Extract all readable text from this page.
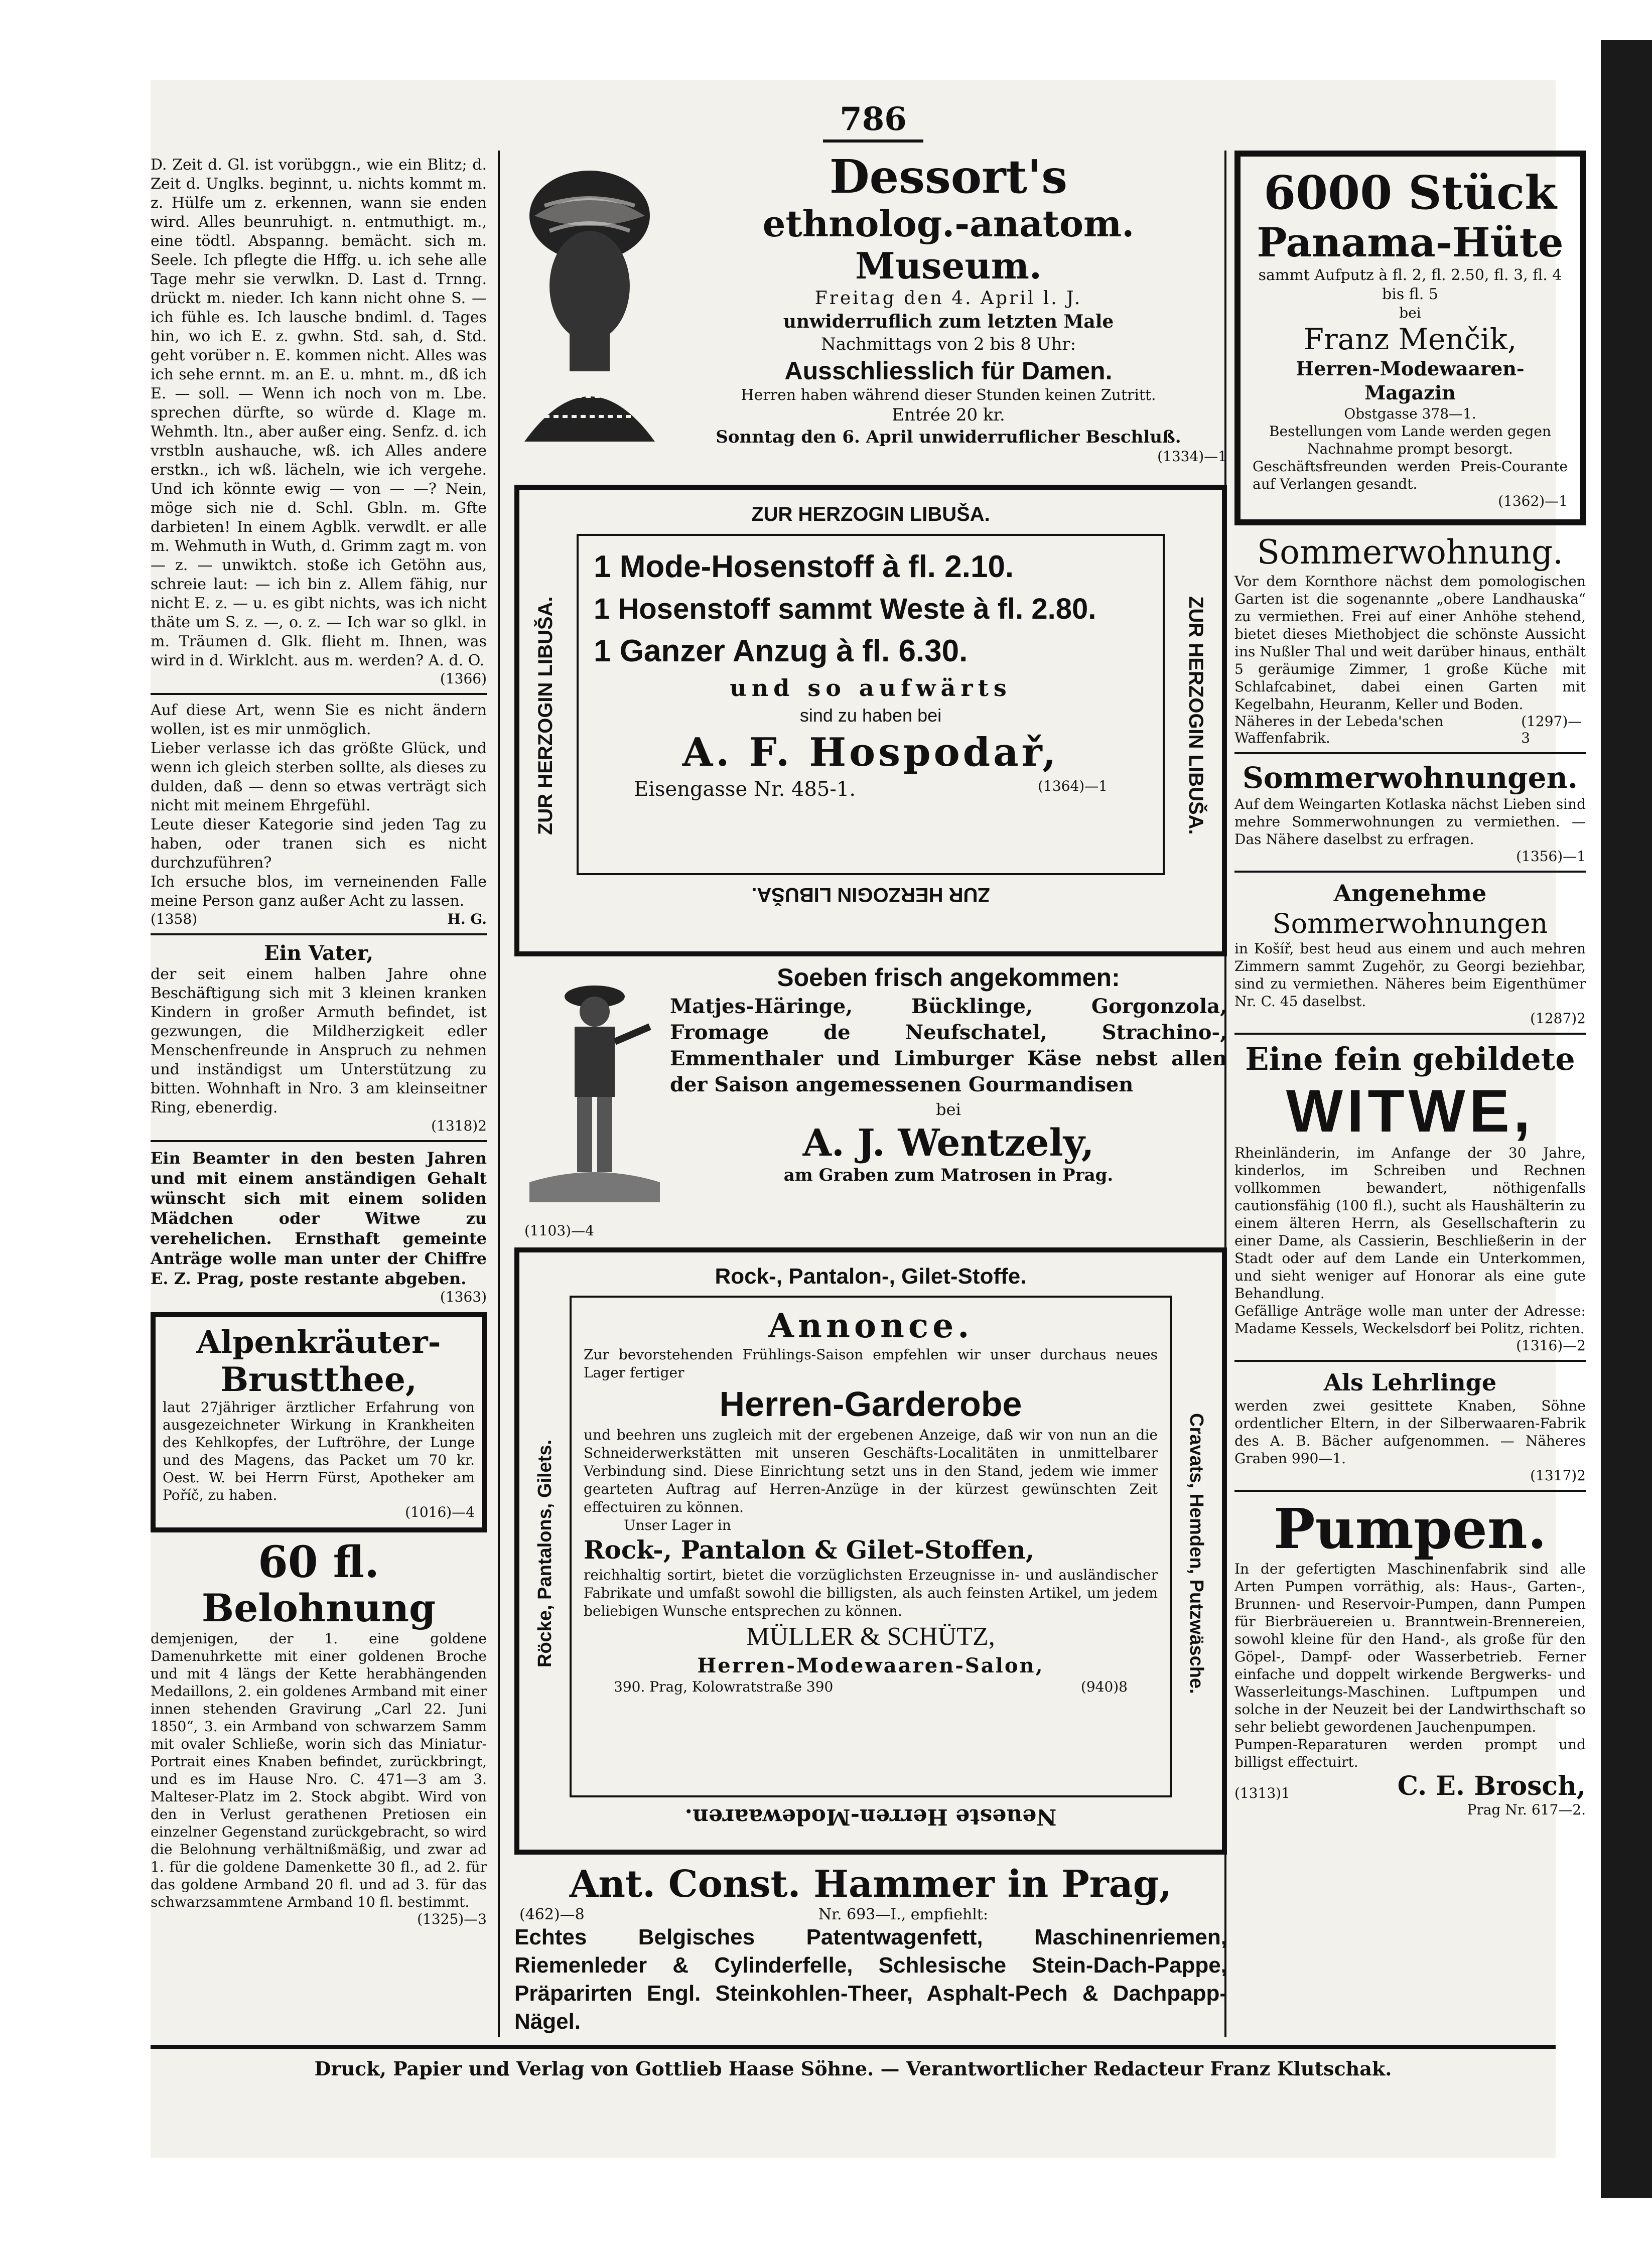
786

D. Zeit d. Gl. ist vorübggn., wie ein Blitz; d. Zeit d. Unglks. beginnt, u. nichts kommt m. z. Hülfe um z. erkennen, wann sie enden wird. Alles beunruhigt. n. entmuthigt. m., eine tödtl. Abspanng. bemächt. sich m. Seele. Ich pflegte die Hffg. u. ich sehe alle Tage mehr sie verwlkn. D. Last d. Trnng. drückt m. nieder. Ich kann nicht ohne S. — ich fühle es. Ich lausche bndiml. d. Tages hin, wo ich E. z. gwhn. Std. sah, d. Std. geht vorüber n. E. kommen nicht. Alles was ich sehe ernnt. m. an E. u. mhnt. m., dß ich E. — soll. — Wenn ich noch von m. Lbe. sprechen dürfte, so würde d. Klage m. Wehmth. ltn., aber außer eing. Senfz. d. ich vrstbln aushauche, wß. ich Alles andere erstkn., ich wß. lächeln, wie ich vergehe. Und ich könnte ewig — von — —? Nein, möge sich nie d. Schl. Gbln. m. Gfte darbieten! In einem Agblk. verwdlt. er alle m. Wehmuth in Wuth, d. Grimm zagt m. von — z. — unwiktch. stoße ich Getöhn aus, schreie laut: — ich bin z. Allem fähig, nur nicht E. z. — u. es gibt nichts, was ich nicht thäte um S. z. —, o. z. — Ich war so glkl. in m. Träumen d. Glk. flieht m. Ihnen, was wird in d. Wirklcht. aus m. werden? A. d. O.

(1366)

Auf diese Art, wenn Sie es nicht ändern wollen, ist es mir unmöglich.

Lieber verlasse ich das größte Glück, und wenn ich gleich sterben sollte, als dieses zu dulden, daß — denn so etwas verträgt sich nicht mit meinem Ehrgefühl.

Leute dieser Kategorie sind jeden Tag zu haben, oder tranen sich es nicht durchzuführen?

Ich ersuche blos, im verneinenden Falle meine Person ganz außer Acht zu lassen.

(1358)	H. G.

Ein Vater,

der seit einem halben Jahre ohne Beschäftigung sich mit 3 kleinen kranken Kindern in großer Armuth befindet, ist gezwungen, die Mildherzigkeit edler Menschenfreunde in Anspruch zu nehmen und inständigst um Unterstützung zu bitten. Wohnhaft in Nro. 3 am kleinseitner Ring, ebenerdig.

(1318)2

Ein Beamter in den besten Jahren und mit einem anständigen Gehalt wünscht sich mit einem soliden Mädchen oder Witwe zu verehelichen. Ernsthaft gemeinte Anträge wolle man unter der Chiffre E. Z. Prag, poste restante abgeben.

(1363)

Alpenkräuter-

Brustthee,

laut 27jähriger ärztlicher Erfahrung von ausgezeichneter Wirkung in Krankheiten des Kehlkopfes, der Luftröhre, der Lunge und des Magens, das Packet um 70 kr. Oest. W. bei Herrn Fürst, Apotheker am Poříč, zu haben.

(1016)—4

60 fl.

Belohnung

demjenigen, der 1. eine goldene Damenuhrkette mit einer goldenen Broche und mit 4 längs der Kette herabhängenden Medaillons, 2. ein goldenes Armband mit einer innen stehenden Gravirung „Carl 22. Juni 1850“, 3. ein Armband von schwarzem Samm mit ovaler Schließe, worin sich das Miniatur-Portrait eines Knaben befindet, zurückbringt, und es im Hause Nro. C. 471—3 am 3. Malteser-Platz im 2. Stock abgibt. Wird von den in Verlust gerathenen Pretiosen ein einzelner Gegenstand zurückgebracht, so wird die Belohnung verhältnißmäßig, und zwar ad 1. für die goldene Damenkette 30 fl., ad 2. für das goldene Armband 20 fl. und ad 3. für das schwarzsammtene Armband 10 fl. bestimmt.

(1325)—3

Dessort's

ethnolog.-anatom. Museum.

Freitag den 4. April l. J.

unwiderruflich zum letzten Male

Nachmittags von 2 bis 8 Uhr:

Ausschliesslich für Damen.

Herren haben während dieser Stunden keinen Zutritt.

Entrée 20 kr.

Sonntag den 6. April unwiderruflicher Beschluß.

(1334)—1

ZUR HERZOGIN LIBUŠA.

ZUR HERZOGIN LIBUŠA.	ZUR HERZOGIN LIBUŠA.

1 Mode-Hosenstoff à fl. 2.10.

1 Hosenstoff sammt Weste à fl. 2.80.

1 Ganzer Anzug à fl. 6.30.

und so aufwärts

sind zu haben bei

A. F. Hospodař,

Eisengasse Nr. 485-1.	(1364)—1

ZUR HERZOGIN LIBUŠA.

Soeben frisch angekommen:

Matjes-Häringe, Bücklinge, Gorgonzola, Fromage de Neufschatel, Strachino-, Emmenthaler und Limburger Käse nebst allen der Saison angemessenen Gourmandisen

bei

A. J. Wentzely,

am Graben zum Matrosen in Prag.

(1103)—4

Rock-, Pantalon-, Gilet-Stoffe.

Röcke, Pantalons, Gilets.	Cravats, Hemden, Putzwäsche.

Annonce.

Zur bevorstehenden Frühlings-Saison empfehlen wir unser durchaus neues Lager fertiger

Herren-Garderobe

und beehren uns zugleich mit der ergebenen Anzeige, daß wir von nun an die Schneiderwerkstätten mit unseren Geschäfts-Localitäten in unmittelbarer Verbindung sind. Diese Einrichtung setzt uns in den Stand, jedem wie immer gearteten Auftrag auf Herren-Anzüge in der kürzest gewünschten Zeit effectuiren zu können.

Unser Lager in

Rock-, Pantalon & Gilet-Stoffen,

reichhaltig sortirt, bietet die vorzüglichsten Erzeugnisse in- und ausländischer Fabrikate und umfaßt sowohl die billigsten, als auch feinsten Artikel, um jedem beliebigen Wunsche entsprechen zu können.

MÜLLER & SCHÜTZ,

Herren-Modewaaren-Salon,

390. Prag, Kolowratstraße 390	(940)8

Neueste Herren-Modewaaren.

Ant. Const. Hammer in Prag,

(462)—8	Nr. 693—I., empfiehlt:

Echtes Belgisches Patentwagenfett, Maschinenriemen, Riemenleder & Cylinderfelle, Schlesische Stein-Dach-Pappe, Präparirten Engl. Steinkohlen-Theer, Asphalt-Pech & Dachpapp-Nägel.

6000 Stück

Panama-Hüte

sammt Aufputz à fl. 2, fl. 2.50, fl. 3, fl. 4 bis fl. 5

bei

Franz Menčik,

Herren-Modewaaren-Magazin

Obstgasse 378—1.

Bestellungen vom Lande werden gegen Nachnahme prompt besorgt.

Geschäftsfreunden werden Preis-Courante auf Verlangen gesandt.

(1362)—1

Sommerwohnung.

Vor dem Kornthore nächst dem pomologischen Garten ist die sogenannte „obere Landhauska“ zu vermiethen. Frei auf einer Anhöhe stehend, bietet dieses Miethobject die schönste Aussicht ins Nußler Thal und weit darüber hinaus, enthält 5 geräumige Zimmer, 1 große Küche mit Schlafcabinet, dabei einen Garten mit Kegelbahn, Heuranm, Keller und Boden.

Näheres in der Lebeda'schen Waffenfabrik.
(1297)—3

Sommerwohnungen.

Auf dem Weingarten Kotlaska nächst Lieben sind mehre Sommerwohnungen zu vermiethen. — Das Nähere daselbst zu erfragen.

(1356)—1

Angenehme

Sommerwohnungen

in Košíř, best heud aus einem und auch mehren Zimmern sammt Zugehör, zu Georgi beziehbar, sind zu vermiethen. Näheres beim Eigenthümer Nr. C. 45 daselbst.

(1287)2

Eine fein gebildete

WITWE,

Rheinländerin, im Anfange der 30 Jahre, kinderlos, im Schreiben und Rechnen vollkommen bewandert, nöthigenfalls cautionsfähig (100 fl.), sucht als Haushälterin zu einem älteren Herrn, als Gesellschafterin zu einer Dame, als Cassierin, Beschließerin in der Stadt oder auf dem Lande ein Unterkommen, und sieht weniger auf Honorar als eine gute Behandlung.

Gefällige Anträge wolle man unter der Adresse: Madame Kessels, Weckelsdorf bei Politz, richten.

(1316)—2

Als Lehrlinge

werden zwei gesittete Knaben, Söhne ordentlicher Eltern, in der Silberwaaren-Fabrik des A. B. Bächer aufgenommen. — Näheres Graben 990—1.

(1317)2

Pumpen.

In der gefertigten Maschinenfabrik sind alle Arten Pumpen vorräthig, als: Haus-, Garten-, Brunnen- und Reservoir-Pumpen, dann Pumpen für Bierbräuereien u. Branntwein-Brennereien, sowohl kleine für den Hand-, als große für den Göpel-, Dampf- oder Wasserbetrieb. Ferner einfache und doppelt wirkende Bergwerks- und Wasserleitungs-Maschinen. Luftpumpen und solche in der Neuzeit bei der Landwirthschaft so sehr beliebt gewordenen Jauchenpumpen.

Pumpen-Reparaturen werden prompt und billigst effectuirt.

(1313)1	C. E. Brosch,
Prag Nr. 617—2.
Druck, Papier und Verlag von Gottlieb Haase Söhne. — Verantwortlicher Redacteur Franz Klutschak.
